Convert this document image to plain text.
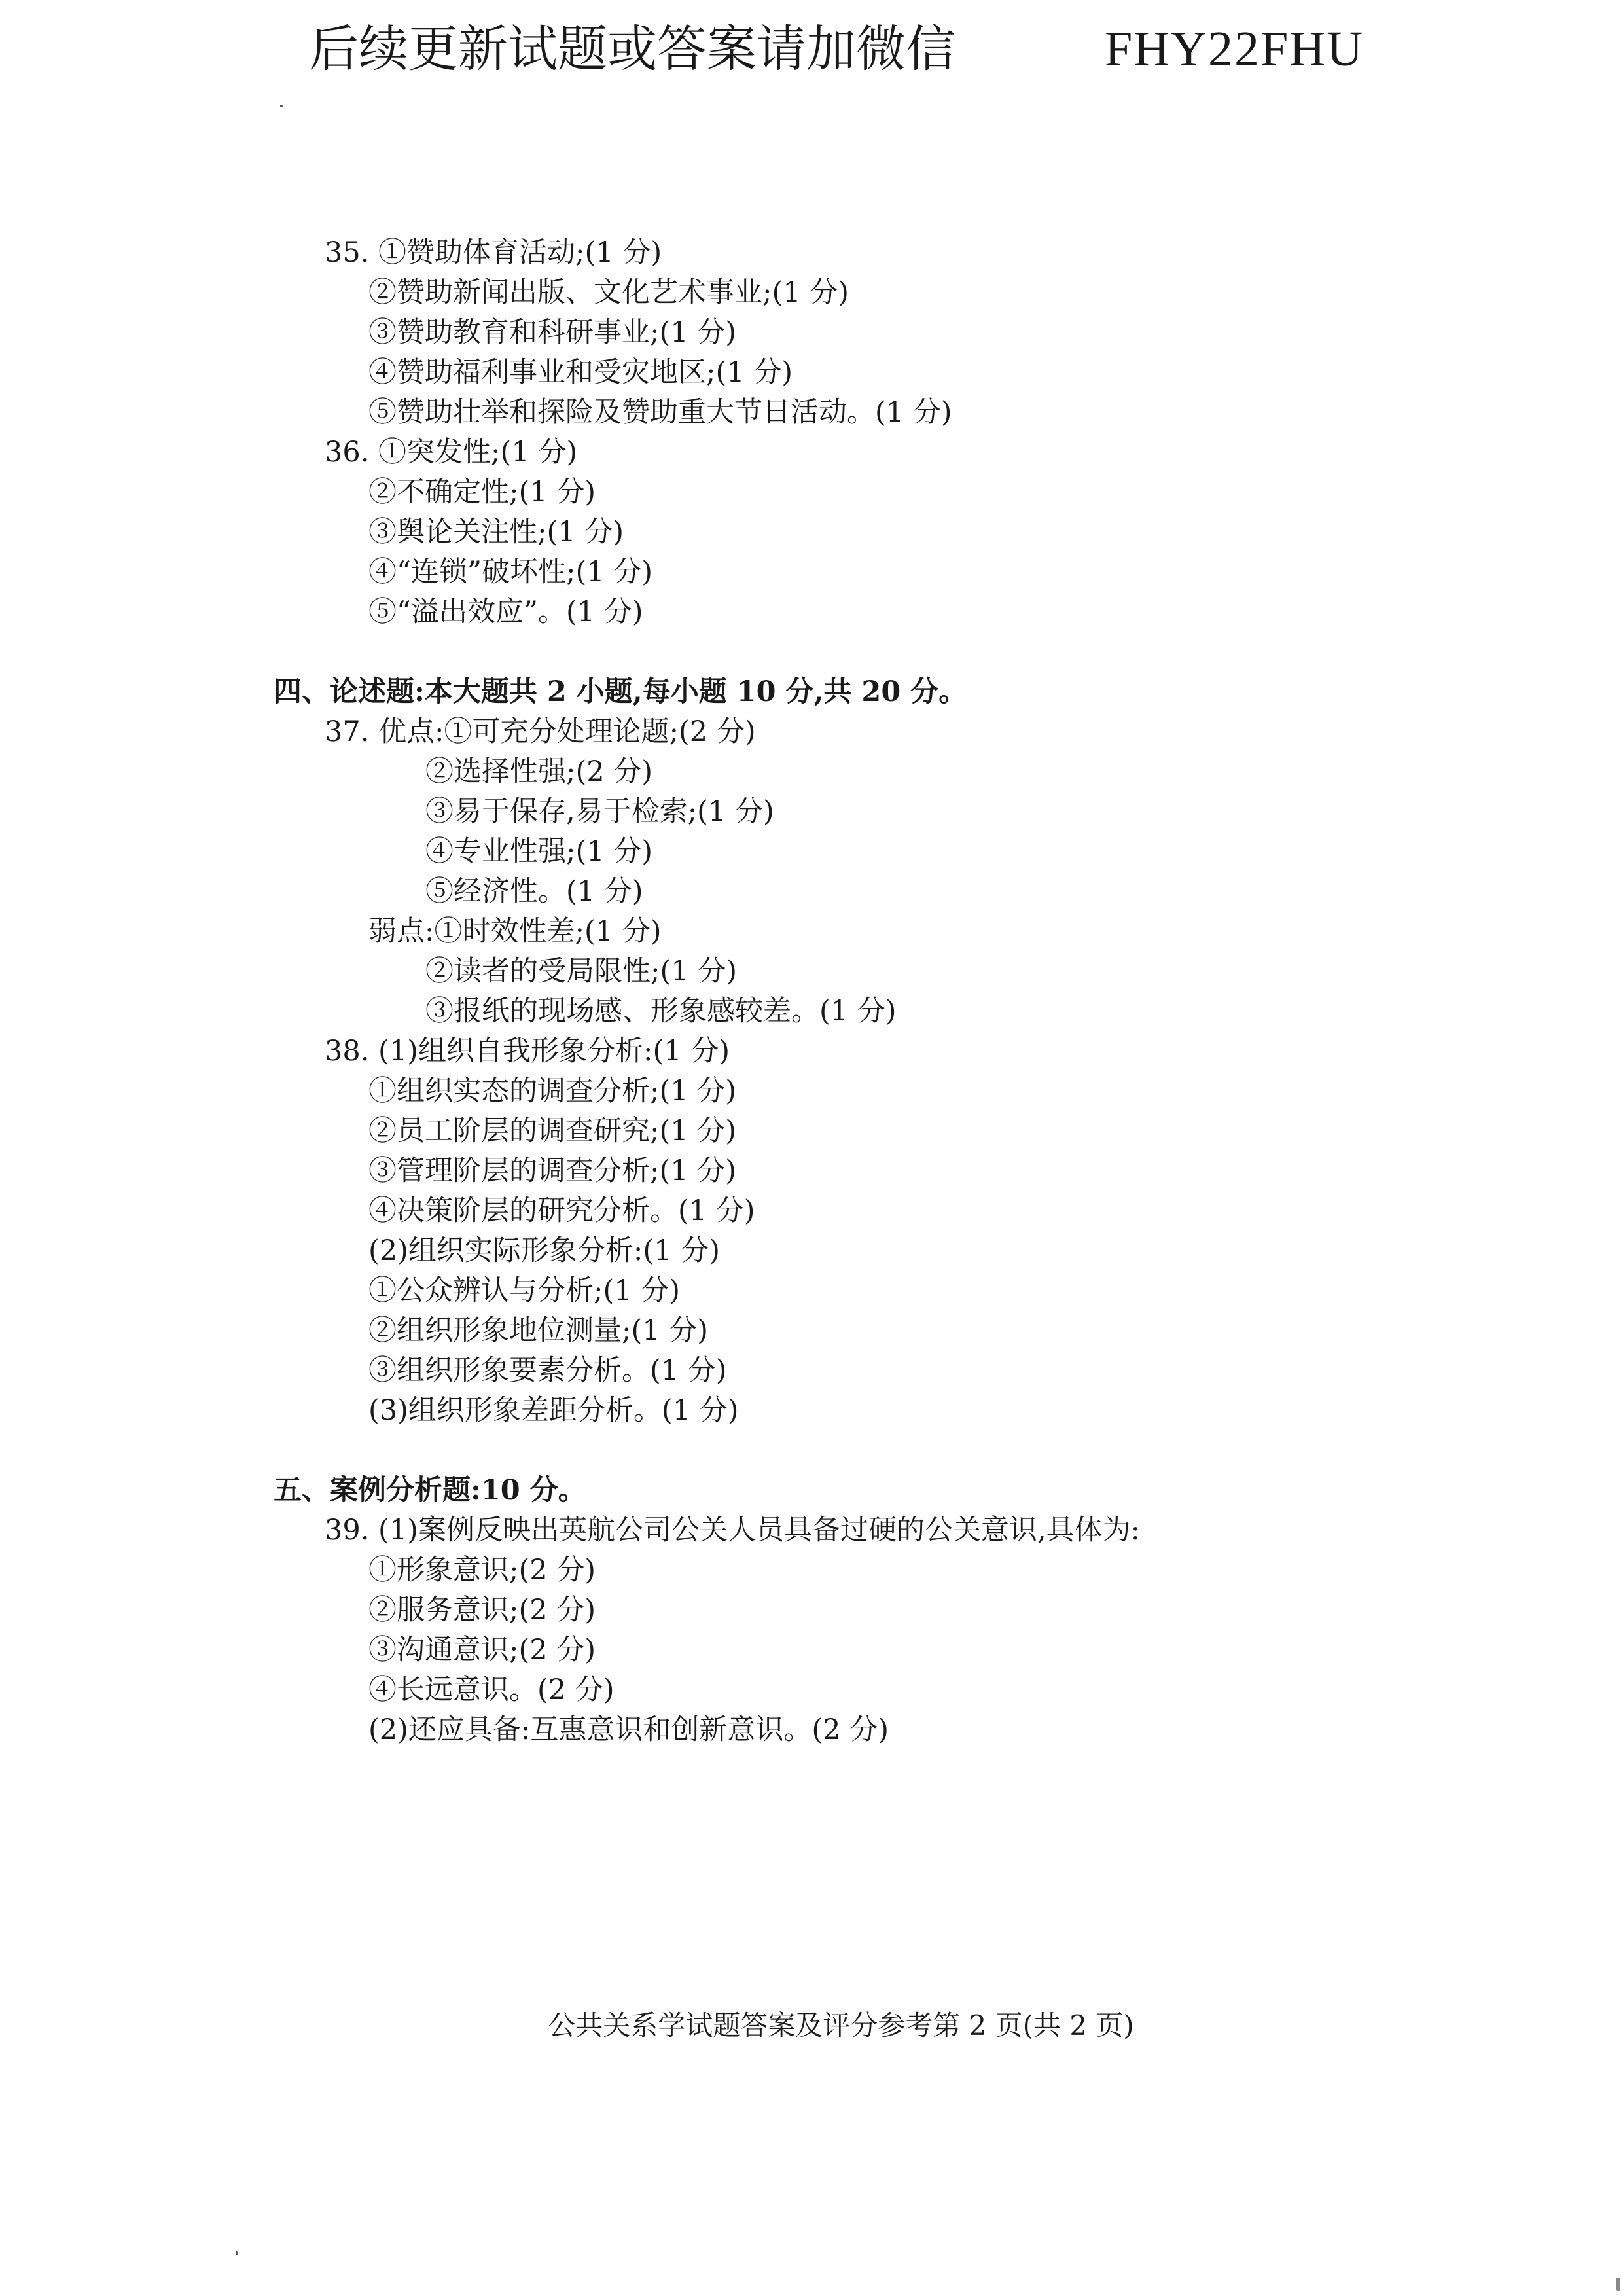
后续更新试题或答案请加微信	FHY22FHU
35. ①赞助体育活动;(1 分)
②赞助新闻出版、文化艺术事业;(1 分)
③赞助教育和科研事业;(1 分)
④赞助福利事业和受灾地区;(1 分)
⑤赞助壮举和探险及赞助重大节日活动。(1 分)
36. ①突发性;(1 分)
②不确定性;(1 分)
③舆论关注性;(1 分)
④“连锁”破坏性;(1 分)
⑤“溢出效应”。(1 分)
四、论述题:本大题共 2 小题,每小题 10 分,共 20 分。
37. 优点:①可充分处理论题;(2 分)
②选择性强;(2 分)
③易于保存,易于检索;(1 分)
④专业性强;(1 分)
⑤经济性。(1 分)
弱点:①时效性差;(1 分)
②读者的受局限性;(1 分)
③报纸的现场感、形象感较差。(1 分)
38. (1)组织自我形象分析:(1 分)
①组织实态的调查分析;(1 分)
②员工阶层的调查研究;(1 分)
③管理阶层的调查分析;(1 分)
④决策阶层的研究分析。(1 分)
(2)组织实际形象分析:(1 分)
①公众辨认与分析;(1 分)
②组织形象地位测量;(1 分)
③组织形象要素分析。(1 分)
(3)组织形象差距分析。(1 分)
五、案例分析题:10 分。
39. (1)案例反映出英航公司公关人员具备过硬的公关意识,具体为:
①形象意识;(2 分)
②服务意识;(2 分)
③沟通意识;(2 分)
④长远意识。(2 分)
(2)还应具备:互惠意识和创新意识。(2 分)
公共关系学试题答案及评分参考第 2 页(共 2 页)
